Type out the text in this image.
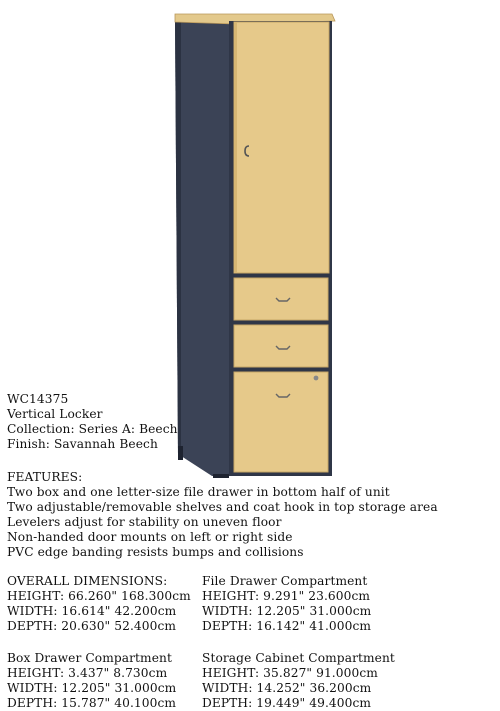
WC14375
Vertical Locker
Collection: Series A: Beech
Finish: Savannah Beech
FEATURES:
Two box and one letter-size file drawer in bottom half of unit
Two adjustable/removable shelves and coat hook in top storage area
Levelers adjust for stability on uneven floor
Non-handed door mounts on left or right side
PVC edge banding resists bumps and collisions
OVERALL DIMENSIONS:
HEIGHT: 66.260" 168.300cm
WIDTH: 16.614" 42.200cm
DEPTH: 20.630" 52.400cm
File Drawer Compartment
HEIGHT: 9.291" 23.600cm
WIDTH: 12.205" 31.000cm
DEPTH: 16.142" 41.000cm
Box Drawer Compartment
HEIGHT: 3.437" 8.730cm
WIDTH: 12.205" 31.000cm
DEPTH: 15.787" 40.100cm
Storage Cabinet Compartment
HEIGHT: 35.827" 91.000cm
WIDTH: 14.252" 36.200cm
DEPTH: 19.449" 49.400cm
